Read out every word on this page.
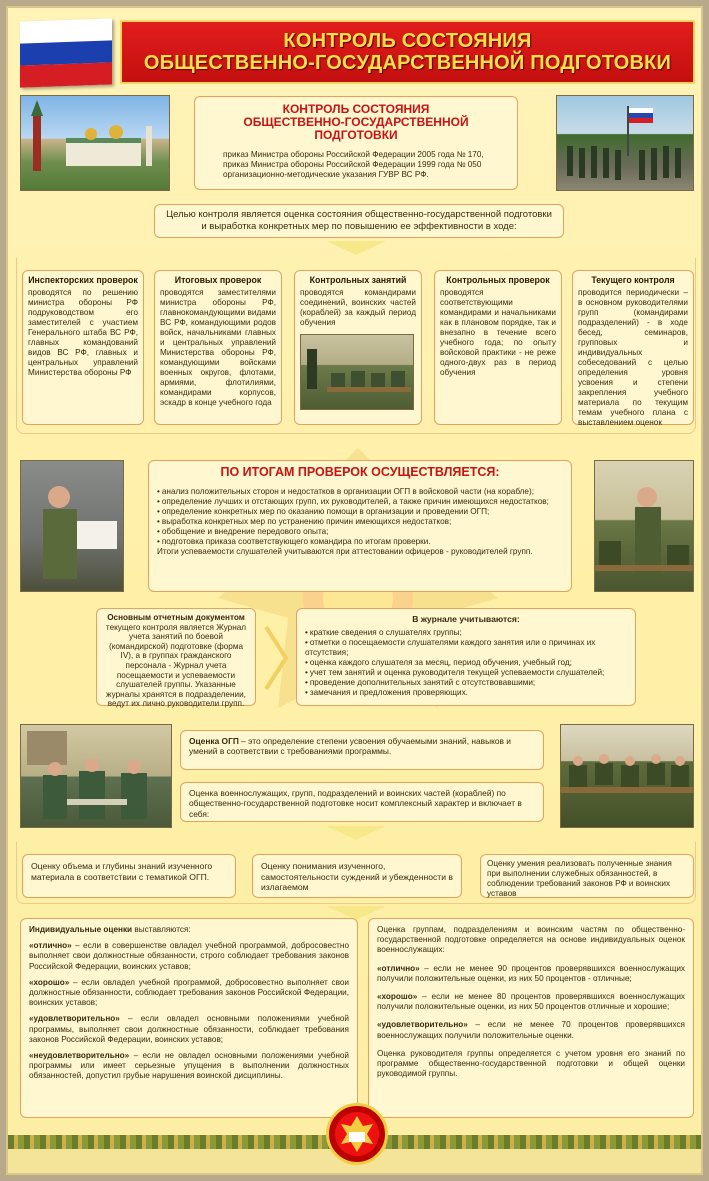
КОНТРОЛЬ СОСТОЯНИЯ
ОБЩЕСТВЕННО-ГОСУДАРСТВЕННОЙ ПОДГОТОВКИ
КОНТРОЛЬ СОСТОЯНИЯ
ОБЩЕСТВЕННО-ГОСУДАРСТВЕННОЙ ПОДГОТОВКИ
приказ Министра обороны Российской Федерации 2005 года № 170,
приказ Министра обороны Российской Федерации 1999 года № 050
организационно-методические указания ГУВР ВС РФ.
Целью контроля является оценка состояния общественно-государственной подготовки и выработка конкретных мер по повышению ее эффективности в ходе:
Инспекторских проверок
проводятся по решению министра обороны РФ подруководством его заместителей с участием Генерального штаба ВС РФ, главных командований видов ВС РФ, главных и центральных управлений Министерства обороны РФ
Итоговых проверок
проводятся заместителями министра обороны РФ, главнокомандующими видами ВС РФ, командующими родов войск, начальниками главных и центральных управлений Министерства обороны РФ, командующими войсками военных округов, флотами, армиями, флотилиями, командирами корпусов, эскадр в конце учебного года
Контрольных занятий
проводятся командирами соединений, воинских частей (кораблей) за каждый период обучения
Контрольных проверок
проводятся соответствующими командирами и начальниками как в плановом порядке, так и внезапно в течение всего учебного года; по опыту войсковой практики - не реже одного-двух раз в период обучения
Текущего контроля
проводится периодически – в основном руководителями групп (командирами подразделений) - в ходе бесед, семинаров, групповых и индивидуальных собеседований с целью определения уровня усвоения и степени закрепления учебного материала по текущим темам учебного плана с выставлением оценок
ПО ИТОГАМ ПРОВЕРОК ОСУЩЕСТВЛЯЕТСЯ:
• анализ положительных сторон и недостатков в организации ОГП в войсковой части (на корабле);
• определение лучших и отстающих групп, их руководителей, а также причин имеющихся недостатков;
• определение конкретных мер по оказанию помощи в организации и проведении ОГП;
• выработка конкретных мер по устранению причин имеющихся недостатков;
• обобщение и внедрение передового опыта;
• подготовка приказа соответствующего командира по итогам проверки.
Итоги успеваемости слушателей учитываются при аттестовании офицеров - руководителей групп.
Основным отчетным документом текущего контроля является Журнал учета занятий по боевой (командирской) подготовке (форма IV), а в группах гражданского персонала - Журнал учета посещаемости и успеваемости слушателей группы. Указанные журналы хранятся в подразделении, ведут их лично руководители групп.
В журнале учитываются:
• краткие сведения о слушателях группы;
• отметки о посещаемости слушателями каждого занятия или о причинах их отсутствия;
• оценка каждого слушателя за месяц, период обучения, учебный год;
• учет тем занятий и оценка руководителя текущей успеваемости слушателей;
• проведение дополнительных занятий с отсутствовавшими;
• замечания и предложения проверяющих.
Оценка ОГП – это определение степени усвоения обучаемыми знаний, навыков и умений в соответствии с требованиями программы.
Оценка военнослужащих, групп, подразделений и воинских частей (кораблей) по общественно-государственной подготовке носит комплексный характер и включает в себя:
Оценку объема и глубины знаний изученного материала в соответствии с тематикой ОГП.
Оценку понимания изученного, самостоятельности суждений и убежденности в излагаемом
Оценку умения реализовать полученные знания при выполнении служебных обязанностей, в соблюдении требований законов РФ и воинских уставов
Индивидуальные оценки выставляются:
«отлично» – если в совершенстве овладел учебной программой, добросовестно выполняет свои должностные обязанности, строго соблюдает требования законов Российской Федерации, воинских уставов;
«хорошо» – если овладел учебной программой, добросовестно выполняет свои должностные обязанности, соблюдает требования законов Российской Федерации, воинских уставов;
«удовлетворительно» – если овладел основными положениями учебной программы, выполняет свои должностные обязанности, соблюдает требования законов Российской Федерации, воинских уставов;
«неудовлетворительно» – если не овладел основными положениями учебной программы или имеет серьезные упущения в выполнении должностных обязанностей, допустил грубые нарушения воинской дисциплины.
Оценка группам, подразделениям и воинским частям по общественно-государственной подготовке определяется на основе индивидуальных оценок военнослужащих:
«отлично» – если не менее 90 процентов проверявшихся военнослужащих получили положительные оценки, из них 50 процентов - отличные;
«хорошо» – если не менее 80 процентов проверявшихся военнослужащих получили положительные оценки, из них 50 процентов отличные и хорошие;
«удовлетворительно» – если не менее 70 процентов проверявшихся военнослужащих получили положительные оценки.
Оценка руководителя группы определяется с учетом уровня его знаний по программе общественно-государственной подготовки и общей оценки руководимой группы.
